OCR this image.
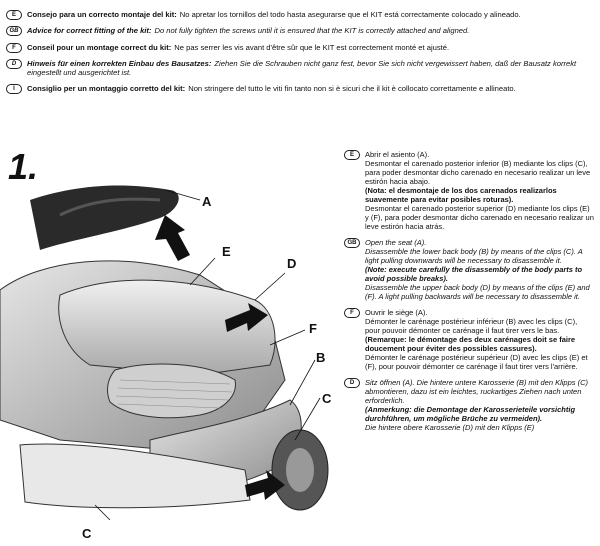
E	Consejo para un correcto montaje del kit: No apretar los tornillos del todo hasta asegurarse que el KIT está correctamente colocado y alineado.
GB	Advice for correct fitting of the kit: Do not fully tighten the screws until it is ensured that the KIT is correctly attached and aligned.
F	Conseil pour un montage correct du kit: Ne pas serrer les vis avant d'être sûr que le KIT est correctement monté et ajusté.
D	Hinweis für einen korrekten Einbau des Bausatzes: Ziehen Sie die Schrauben nicht ganz fest, bevor Sie sich nicht vergewissert haben, daß der Bausatz korrekt eingestellt und ausgerichtet ist.
I	Consiglio per un montaggio corretto del kit: Non stringere del tutto le viti fin tanto non si è sicuri che il kit è collocato correttamente e allineato.
1.
A
E
D
F
B
C
C
E	Abrir el asiento (A).

Desmontar el carenado posterior inferior (B) mediante los clips (C), para poder desmontar dicho carenado en necesario realizar un leve estirón hacia abajo.

(Nota: el desmontaje de los dos carenados realizarlos suavemente para evitar posibles roturas).

Desmontar el carenado posterior superior (D) mediante los clips (E) y (F), para poder desmontar dicho carenado en necesario realizar un leve estirón hacia atrás.

GB	Open the seat (A).

Disassemble the lower back body (B) by means of the clips (C). A light pulling downwards will be necessary to disassemble it.

(Note: execute carefully the disassembly of the body parts to avoid possible breaks).

Disassemble the upper back body (D) by means of the clips (E) and (F). A light pulling backwards will be necessary to disassemble it.

F	Ouvrir le siège (A).

Démonter le carénage postérieur inférieur (B) avec les clips (C), pour pouvoir démonter ce carénage il faut tirer vers le bas.

(Remarque: le démontage des deux carénages doit se faire doucement pour éviter des possibles cassures).

Démonter le carénage postérieur supérieur (D) avec les clips (E) et (F), pour pouvoir démonter ce carénage il faut tirer vers l'arrière.

D	Sitz öffnen (A). Die hintere untere Karosserie (B) mit den Klipps (C) abmontieren, dazu ist ein leichtes, ruckartiges Ziehen nach unten erforderlich.

(Anmerkung: die Demontage der Karosserieteile vorsichtig durchführen, um mögliche Brüche zu vermeiden).

Die hintere obere Karosserie (D) mit den Klipps (E)
